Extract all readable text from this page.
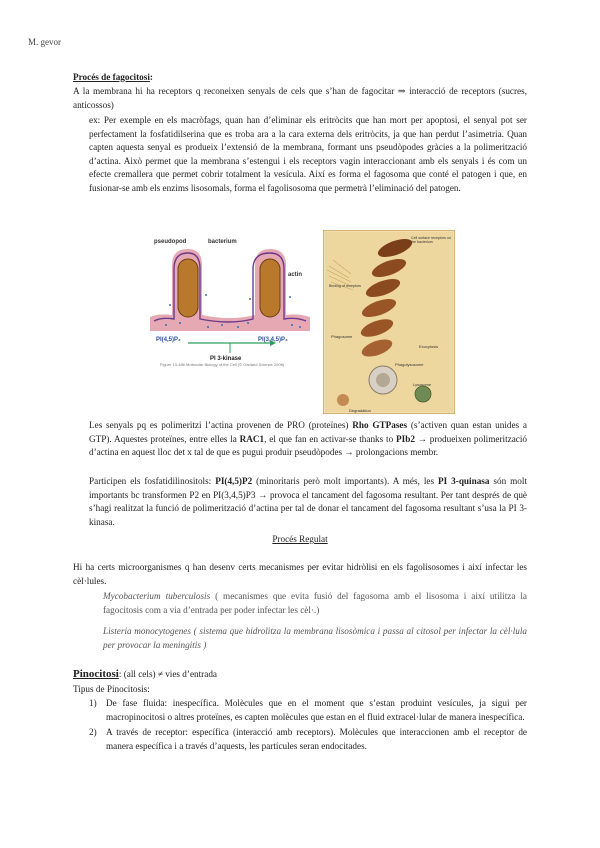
M. gevor
Procés de fagocitosi:
A la membrana hi ha receptors q reconeixen senyals de cels que s’han de fagocitar ⇒ interacció de receptors (sucres, anticossos)
ex: Per exemple en els macròfags, quan han d’eliminar els eritròcits que han mort per apoptosi, el senyal pot ser perfectament la fosfatidilserina que es troba ara a la cara externa dels eritròcits, ja que han perdut l’asimetria. Quan capten aquesta senyal es produeix l’extensió de la membrana, formant uns pseudòpodes gràcies a la polimerització d’actina. Això permet que la membrana s’estengui i els receptors vagin interaccionant amb els senyals i és com un efecte cremallera que permet cobrir totalment la vesícula. Així es forma el fagosoma que conté el patogen i que, en fusionar-se amb els enzims lisosomals, forma el fagolisosoma que permetrà l’eliminació del patogen.
pseudopod	bacterium
actin
PI(4,5)P₂	PI(3,4,5)P₃
PI 3-kinase
Figure 13-48b Molecular Biology of the Cell (© Garland Science 2008)
Cell surface receptors on the bacterium
Binding of receptors
Phagosome
Lysosome
Phagolysosome
Exocytosis
Degradation
Les senyals pq es polimeritzi l’actina provenen de PRO (proteïnes) Rho GTPases (s’activen quan estan unides a GTP). Aquestes proteïnes, entre elles la RAC1, el que fan en activar-se thanks to PIb2 → produeixen polimerització d’actina en aquest lloc det x tal de que es pugui produir pseudòpodes → prolongacions membr.
Participen els fosfatidilinositols: PI(4,5)P2 (minoritaris però molt importants). A més, les PI 3-quinasa són molt importants bc transformen P2 en PI(3,4,5)P3 → provoca el tancament del fagosoma resultant. Per tant després de què s’hagi realitzat la funció de polimerització d’actina per tal de donar el tancament del fagosoma resultant s’usa la PI 3-kinasa.
Procés Regulat
Hi ha certs microorganismes q han desenv certs mecanismes per evitar hidròlisi en els fagolisosomes i així infectar les cèl·lules.
Mycobacterium tuberculosis ( mecanismes que evita fusió del fagosoma amb el lisosoma i així utilitza la fagocitosis com a via d’entrada per poder infectar les cèl·.)
Listeria monocytogenes ( sistema que hidrolitza la membrana lisosòmica i passa al citosol per infectar la cèl·lula per provocar la meningitis )
Pinocitosi: (all cels) ≠ vies d’entrada
Tipus de Pinocitosis:
1)	De fase fluida: inespecífica. Molècules que en el moment que s’estan produint vesícules, ja sigui per macropinocitosi o altres proteïnes, es capten molècules que estan en el fluid extracel·lular de manera inespecífica.
2)	A través de receptor: específica (interacció amb receptors). Molècules que interaccionen amb el receptor de manera específica i a través d’aquests, les partícules seran endocitades.
